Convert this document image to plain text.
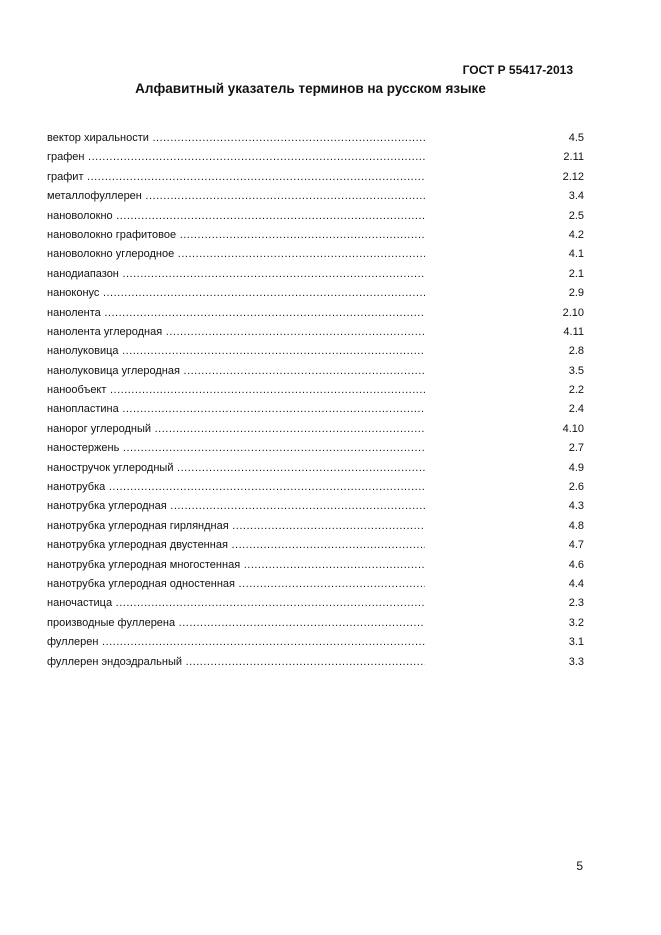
ГОСТ Р 55417-2013
Алфавитный указатель терминов на русском языке
вектор хиральности .....	4.5
графен .....	2.11
графит .....	2.12
металлофуллерен .....	3.4
нановолокно .....	2.5
нановолокно графитовое .....	4.2
нановолокно углеродное .....	4.1
нанодиапазон .....	2.1
наноконус .....	2.9
нанолента .....	2.10
нанолента углеродная .....	4.11
нанолуковица .....	2.8
нанолуковица углеродная .....	3.5
нанообъект .....	2.2
нанопластина .....	2.4
нанорог углеродный .....	4.10
наностержень .....	2.7
наностручок углеродный .....	4.9
нанотрубка .....	2.6
нанотрубка углеродная .....	4.3
нанотрубка углеродная гирляндная .....	4.8
нанотрубка углеродная двустенная .....	4.7
нанотрубка углеродная многостенная .....	4.6
нанотрубка углеродная одностенная .....	4.4
наночастица .....	2.3
производные фуллерена .....	3.2
фуллерен .....	3.1
фуллерен эндоэдральный .....	3.3
5
